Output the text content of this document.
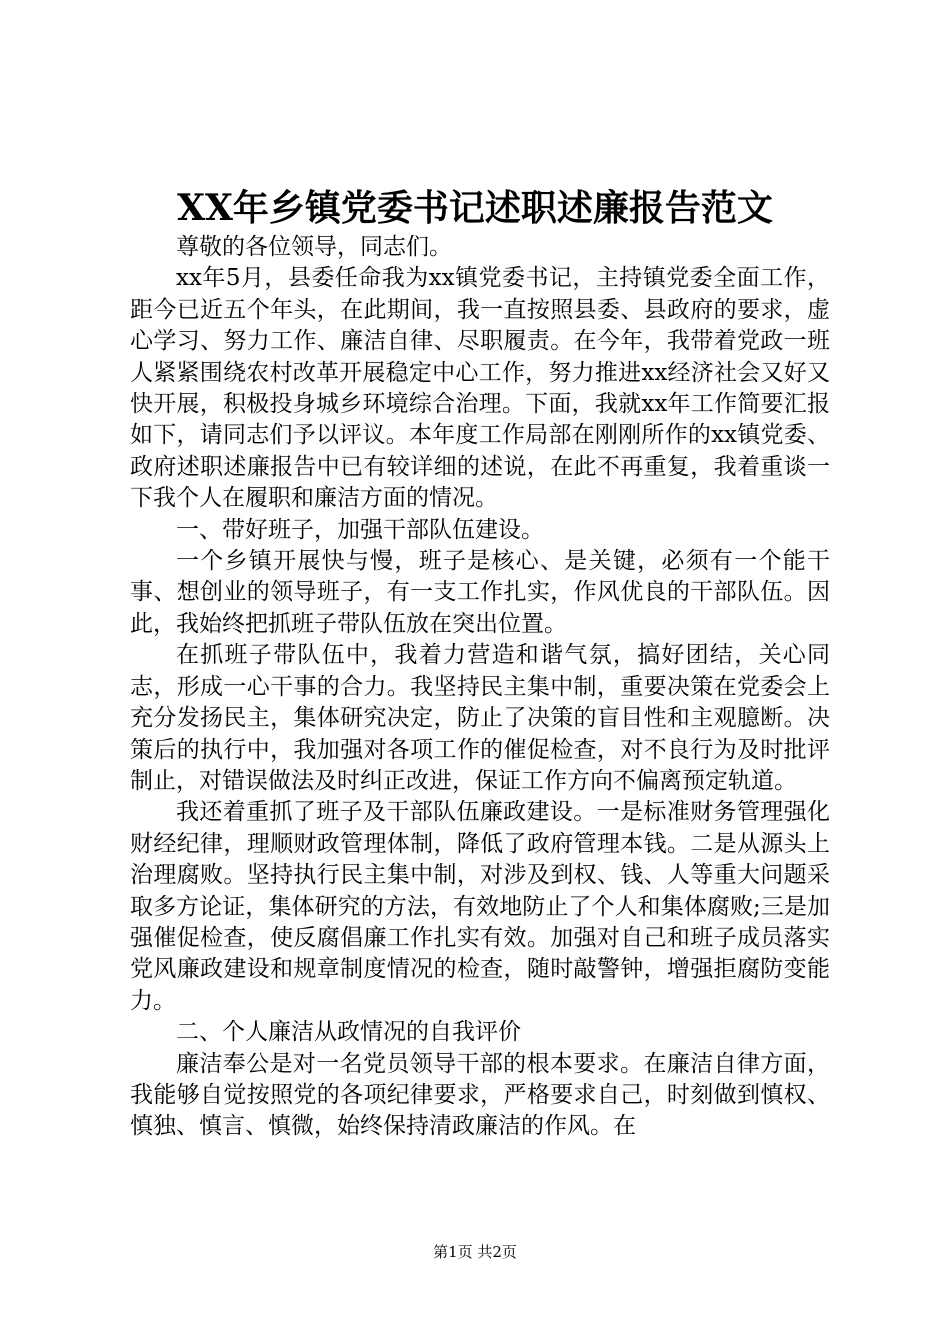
XX年乡镇党委书记述职述廉报告范文

尊敬的各位领导，同志们。

xx年5月，县委任命我为xx镇党委书记，主持镇党委全面工作，距今已近五个年头，在此期间，我一直按照县委、县政府的要求，虚心学习、努力工作、廉洁自律、尽职履责。在今年，我带着党政一班人紧紧围绕农村改革开展稳定中心工作，努力推进xx经济社会又好又快开展，积极投身城乡环境综合治理。下面，我就xx年工作简要汇报如下，请同志们予以评议。本年度工作局部在刚刚所作的xx镇党委、政府述职述廉报告中已有较详细的述说，在此不再重复，我着重谈一下我个人在履职和廉洁方面的情况。

一、带好班子，加强干部队伍建设。

一个乡镇开展快与慢，班子是核心、是关键，必须有一个能干事、想创业的领导班子，有一支工作扎实，作风优良的干部队伍。因此，我始终把抓班子带队伍放在突出位置。

在抓班子带队伍中，我着力营造和谐气氛，搞好团结，关心同志，形成一心干事的合力。我坚持民主集中制，重要决策在党委会上充分发扬民主，集体研究决定，防止了决策的盲目性和主观臆断。决策后的执行中，我加强对各项工作的催促检查，对不良行为及时批评制止，对错误做法及时纠正改进，保证工作方向不偏离预定轨道。

我还着重抓了班子及干部队伍廉政建设。一是标准财务管理强化财经纪律，理顺财政管理体制，降低了政府管理本钱。二是从源头上治理腐败。坚持执行民主集中制，对涉及到权、钱、人等重大问题采取多方论证，集体研究的方法，有效地防止了个人和集体腐败;三是加强催促检查，使反腐倡廉工作扎实有效。加强对自己和班子成员落实党风廉政建设和规章制度情况的检查，随时敲警钟，增强拒腐防变能力。

二、个人廉洁从政情况的自我评价

廉洁奉公是对一名党员领导干部的根本要求。在廉洁自律方面，我能够自觉按照党的各项纪律要求，严格要求自己，时刻做到慎权、慎独、慎言、慎微，始终保持清政廉洁的作风。在

第1页 共2页
